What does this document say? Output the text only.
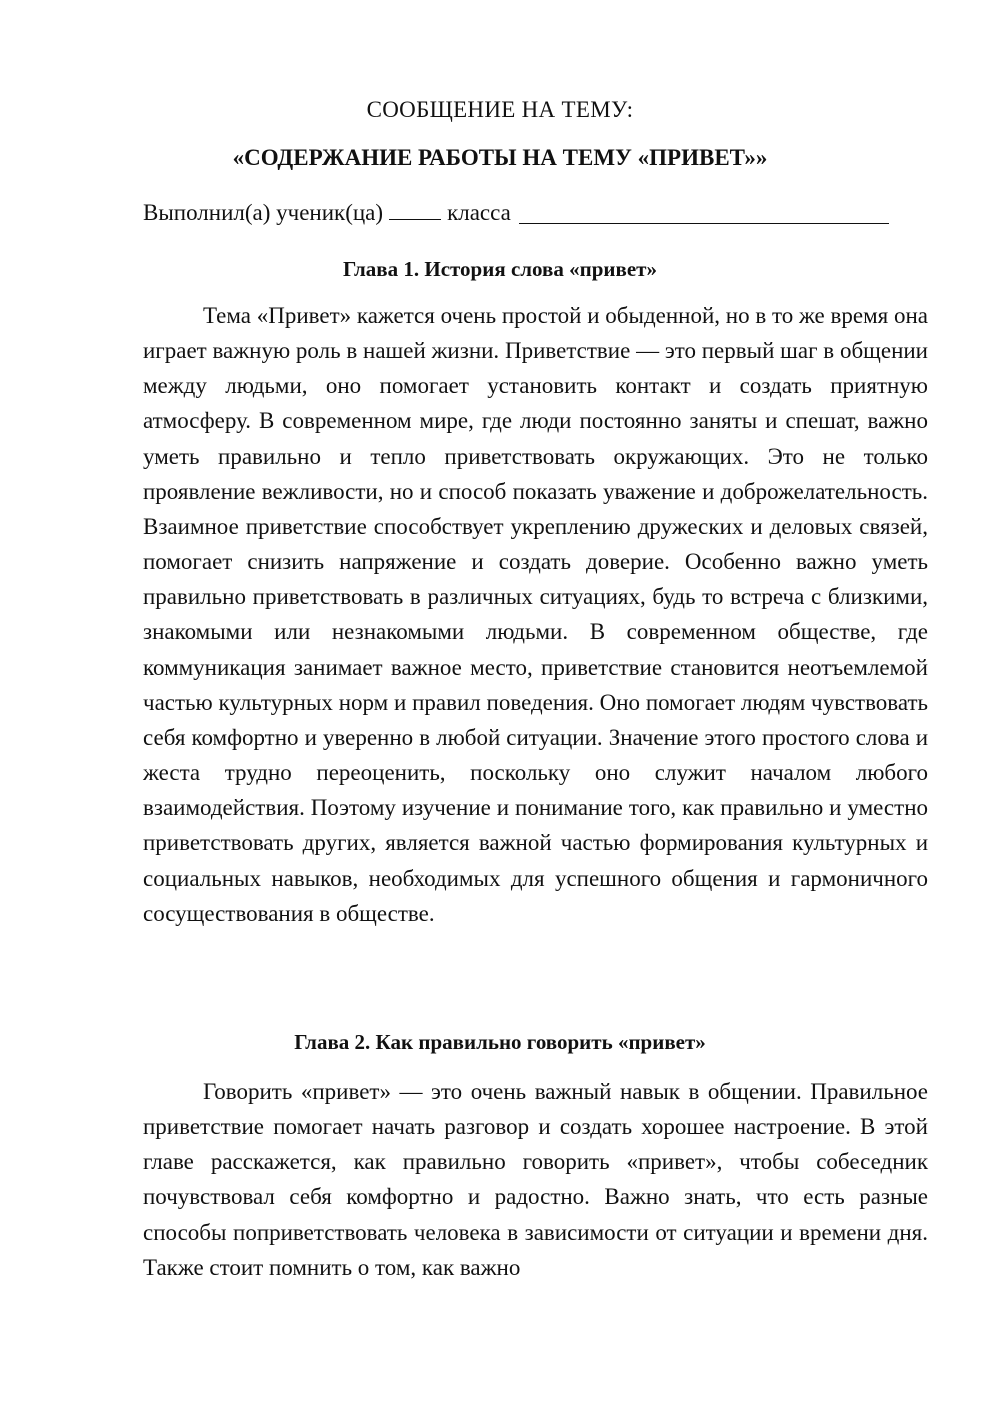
СООБЩЕНИЕ НА ТЕМУ:
«СОДЕРЖАНИЕ РАБОТЫ НА ТЕМУ «ПРИВЕТ»»
Выполнил(а) ученик(ца)	класса
Глава 1. История слова «привет»

Тема «Привет» кажется очень простой и обыденной, но в то же время она играет важную роль в нашей жизни. Приветствие — это первый шаг в общении между людьми, оно помогает установить контакт и создать приятную атмосферу. В современном мире, где люди постоянно заняты и спешат, важно уметь правильно и тепло приветствовать окружающих. Это не только проявление вежливости, но и способ показать уважение и доброжелательность. Взаимное приветствие способствует укреплению дружеских и деловых связей, помогает снизить напряжение и создать доверие. Особенно важно уметь правильно приветствовать в различных ситуациях, будь то встреча с близкими, знакомыми или незнакомыми людьми. В современном обществе, где коммуникация занимает важное место, приветствие становится неотъемлемой частью культурных норм и правил поведения. Оно помогает людям чувствовать себя комфортно и уверенно в любой ситуации. Значение этого простого слова и жеста трудно переоценить, поскольку оно служит началом любого взаимодействия. Поэтому изучение и понимание того, как правильно и уместно приветствовать других, является важной частью формирования культурных и социальных навыков, необходимых для успешного общения и гармоничного сосуществования в обществе.

Глава 2. Как правильно говорить «привет»

Говорить «привет» — это очень важный навык в общении. Правильное приветствие помогает начать разговор и создать хорошее настроение. В этой главе расскажется, как правильно говорить «привет», чтобы собеседник почувствовал себя комфортно и радостно. Важно знать, что есть разные способы поприветствовать человека в зависимости от ситуации и времени дня. Также стоит помнить о том, как важно
